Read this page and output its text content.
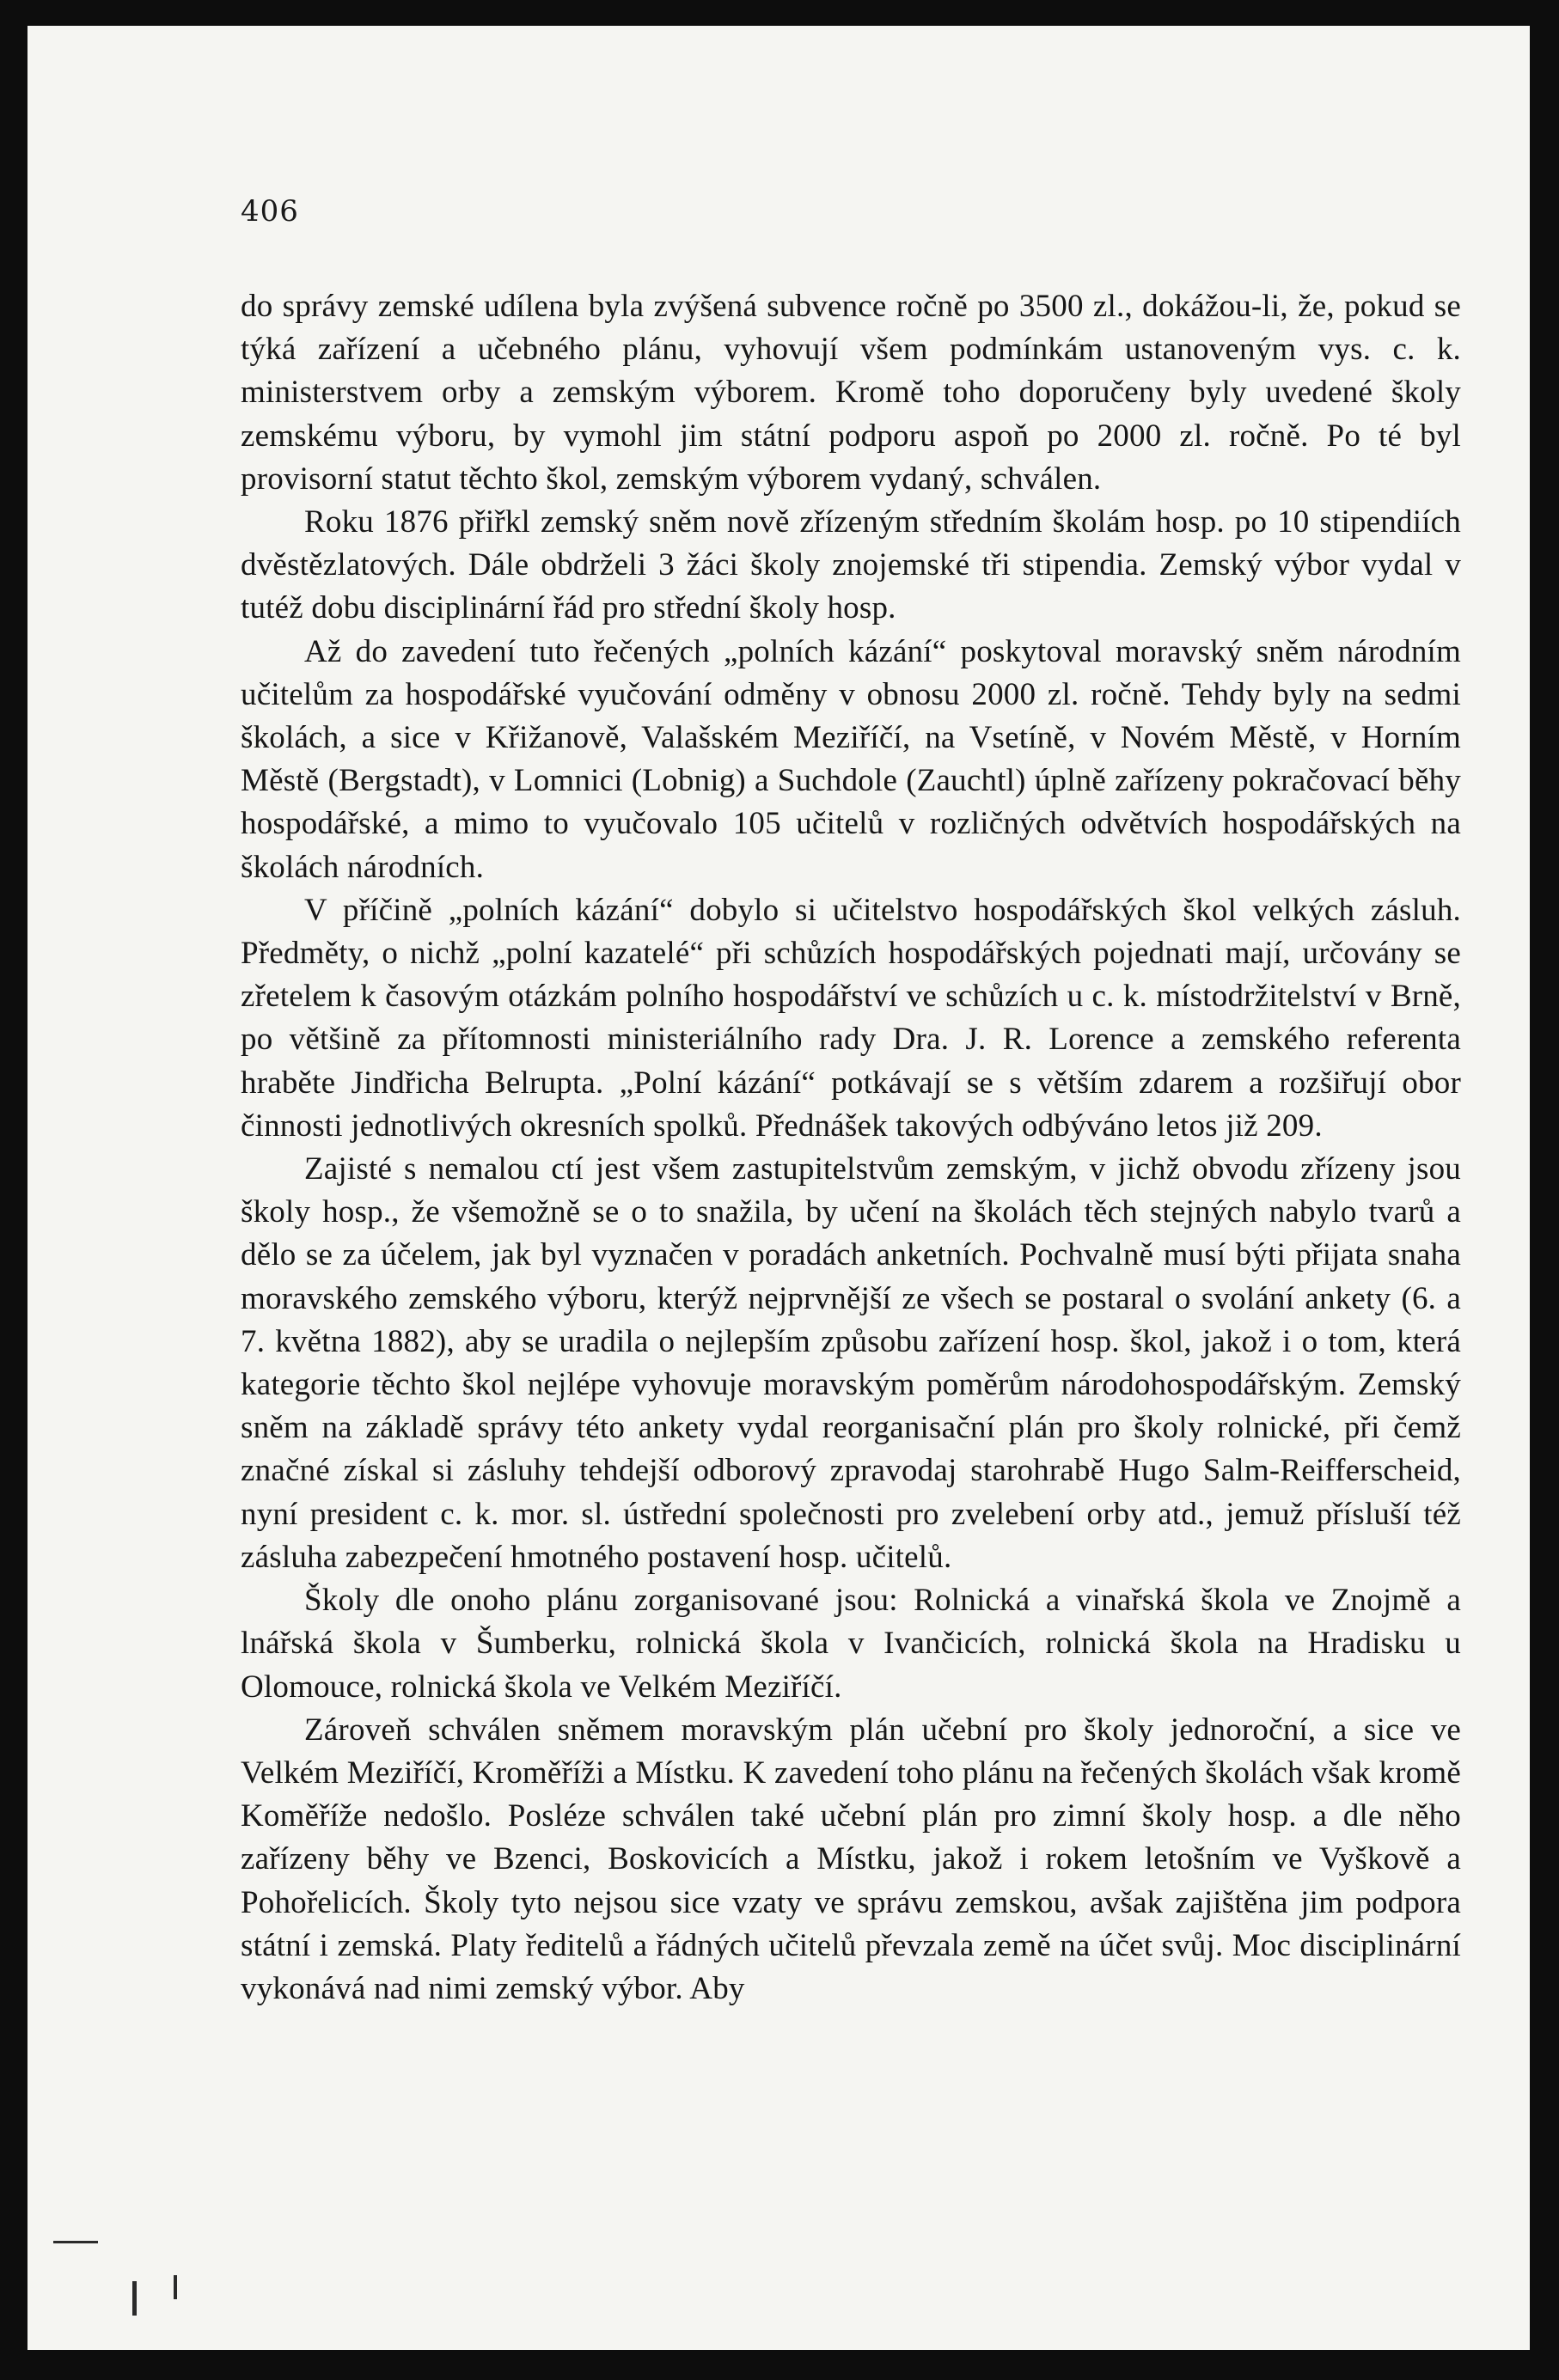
406

do správy zemské udílena byla zvýšená subvence ročně po 3500 zl., dokážou-li, že, pokud se týká zařízení a učebného plánu, vyhovují všem podmínkám ustanoveným vys. c. k. ministerstvem orby a zemským výborem. Kromě toho doporučeny byly uvedené školy zemskému výboru, by vymohl jim státní podporu aspoň po 2000 zl. ročně. Po té byl provisorní statut těchto škol, zemským výborem vydaný, schválen.

Roku 1876 přiřkl zemský sněm nově zřízeným středním školám hosp. po 10 stipendiích dvěstězlatových. Dále obdrželi 3 žáci školy znojemské tři stipendia. Zemský výbor vydal v tutéž dobu disciplinární řád pro střední školy hosp.

Až do zavedení tuto řečených „polních kázání“ poskytoval moravský sněm národním učitelům za hospodářské vyučování odměny v obnosu 2000 zl. ročně. Tehdy byly na sedmi školách, a sice v Křižanově, Valašském Meziříčí, na Vsetíně, v Novém Městě, v Horním Městě (Bergstadt), v Lomnici (Lobnig) a Suchdole (Zauchtl) úplně zařízeny pokračovací běhy hospodářské, a mimo to vyučovalo 105 učitelů v rozličných odvětvích hospodářských na školách národních.

V příčině „polních kázání“ dobylo si učitelstvo hospodářských škol velkých zásluh. Předměty, o nichž „polní kazatelé“ při schůzích hospodářských pojednati mají, určovány se zřetelem k časovým otázkám polního hospodářství ve schůzích u c. k. místodržitelství v Brně, po většině za přítomnosti ministeriálního rady Dra. J. R. Lorence a zemského referenta hraběte Jindřicha Belrupta. „Polní kázání“ potkávají se s větším zdarem a rozšiřují obor činnosti jednotlivých okresních spolků. Přednášek takových odbýváno letos již 209.

Zajisté s nemalou ctí jest všem zastupitelstvům zemským, v jichž obvodu zřízeny jsou školy hosp., že všemožně se o to snažila, by učení na školách těch stejných nabylo tvarů a dělo se za účelem, jak byl vyznačen v poradách anketních. Pochvalně musí býti přijata snaha moravského zemského výboru, kterýž nejprvnější ze všech se postaral o svolání ankety (6. a 7. května 1882), aby se uradila o nejlepším způsobu zařízení hosp. škol, jakož i o tom, která kategorie těchto škol nejlépe vyhovuje moravským poměrům národohospodářským. Zemský sněm na základě správy této ankety vydal reorganisační plán pro školy rolnické, při čemž značné získal si zásluhy tehdejší odborový zpravodaj starohrabě Hugo Salm-Reifferscheid, nyní president c. k. mor. sl. ústřední společnosti pro zvelebení orby atd., jemuž přísluší též zásluha zabezpečení hmotného postavení hosp. učitelů.

Školy dle onoho plánu zorganisované jsou: Rolnická a vinařská škola ve Znojmě a lnářská škola v Šumberku, rolnická škola v Ivančicích, rolnická škola na Hradisku u Olomouce, rolnická škola ve Velkém Meziříčí.

Zároveň schválen sněmem moravským plán učební pro školy jednoroční, a sice ve Velkém Meziříčí, Kroměříži a Místku. K zavedení toho plánu na řečených školách však kromě Koměříže nedošlo. Posléze schválen také učební plán pro zimní školy hosp. a dle něho zařízeny běhy ve Bzenci, Boskovicích a Místku, jakož i rokem letošním ve Vyškově a Pohořelicích. Školy tyto nejsou sice vzaty ve správu zemskou, avšak zajištěna jim podpora státní i zemská. Platy ředitelů a řádných učitelů převzala země na účet svůj. Moc disciplinární vykonává nad nimi zemský výbor. Aby
